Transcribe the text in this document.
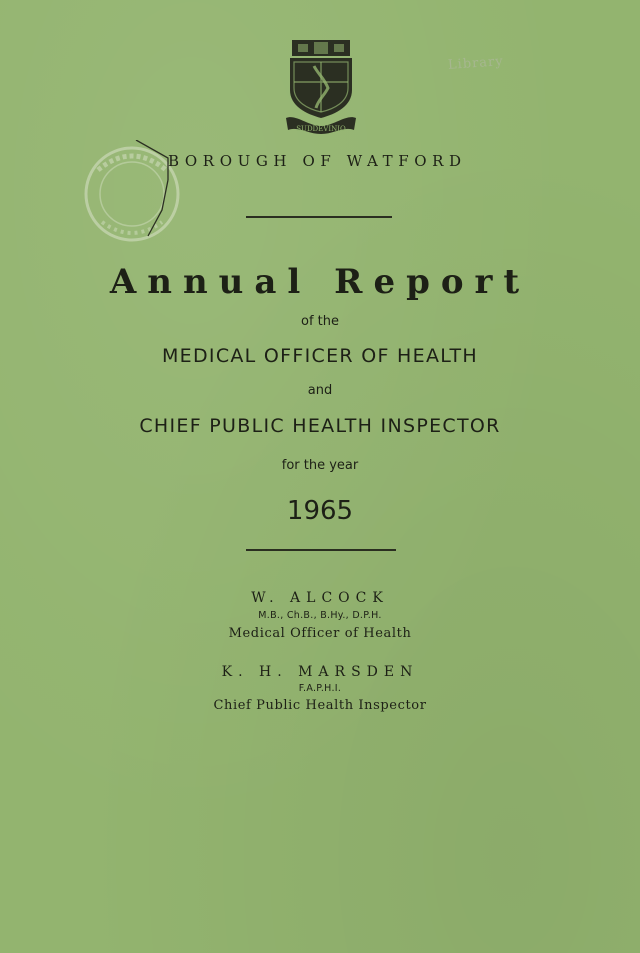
Library
SUDDEVINIO
BOROUGH OF WATFORD
Annual Report
of the
MEDICAL OFFICER OF HEALTH
and
CHIEF PUBLIC HEALTH INSPECTOR
for the year
1965
W. ALCOCK
M.B., Ch.B., B.Hy., D.P.H.
Medical Officer of Health
K. H. MARSDEN
F.A.P.H.I.
Chief Public Health Inspector
